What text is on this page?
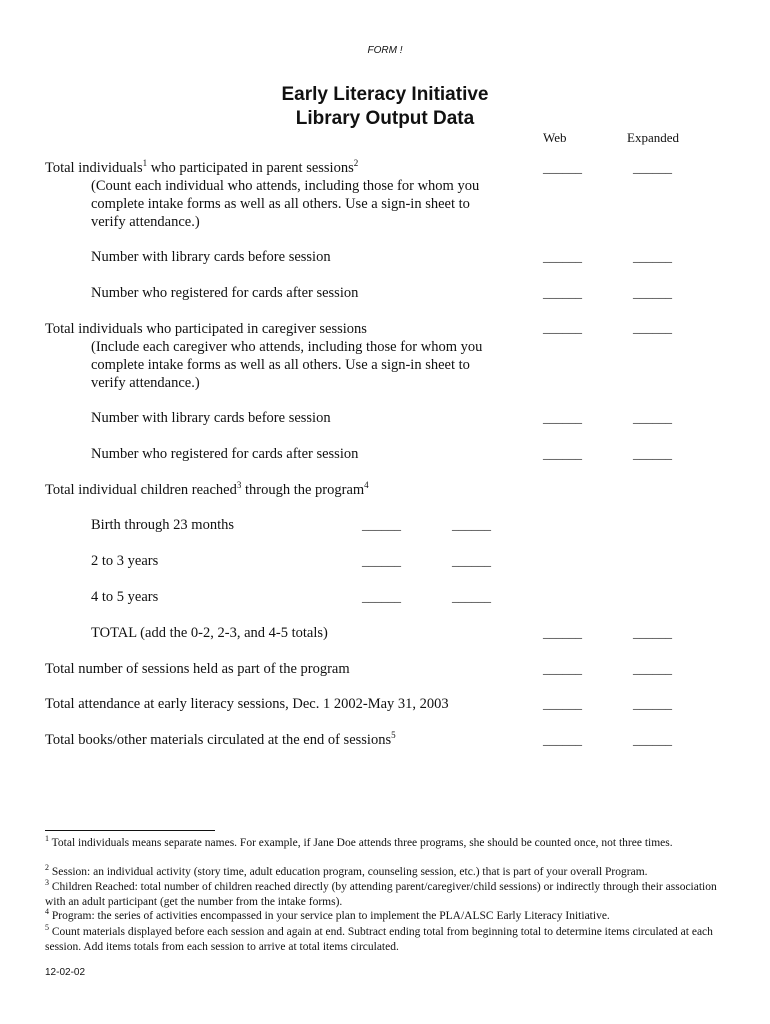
FORM !
Early Literacy Initiative
Library Output Data
Web	Expanded
Total individuals$^1$ who participated in parent sessions$^2$	______	______
(Count each individual who attends, including those for whom you
complete intake forms as well as all others. Use a sign-in sheet to
verify attendance.)
Number with library cards before session	______	______
Number who registered for cards after session	______	______
Total individuals who participated in caregiver sessions	______	______
(Include each caregiver who attends, including those for whom you
complete intake forms as well as all others. Use a sign-in sheet to
verify attendance.)
Number with library cards before session	______	______
Number who registered for cards after session	______	______
Total individual children reached$^3$ through the program$^4$
Birth through 23 months	______	______
2 to 3 years	______	______
4 to 5 years	______	______
TOTAL (add the 0-2, 2-3, and 4-5 totals)	______	______
Total number of sessions held as part of the program	______	______
Total attendance at early literacy sessions, Dec. 1 2002-May 31, 2003	______	______
Total books/other materials circulated at the end of sessions$^5$	______	______
$^1$ Total individuals means separate names. For example, if Jane Doe attends three programs, she should be counted once, not three times.
$^2$ Session: an individual activity (story time, adult education program, counseling session, etc.) that is part of your overall Program.
$^3$ Children Reached: total number of children reached directly (by attending parent/caregiver/child sessions) or indirectly through their association with an adult participant (get the number from the intake forms).
$^4$ Program: the series of activities encompassed in your service plan to implement the PLA/ALSC Early Literacy Initiative.
$^5$ Count materials displayed before each session and again at end. Subtract ending total from beginning total to determine items circulated at each session. Add items totals from each session to arrive at total items circulated.
12-02-02
